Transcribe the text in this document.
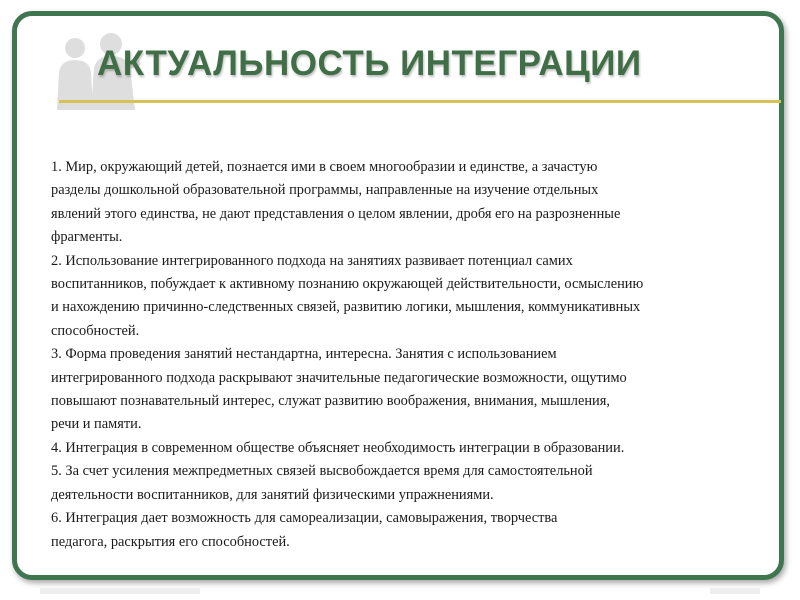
АКТУАЛЬНОСТЬ ИНТЕГРАЦИИ
1. Мир, окружающий детей, познается ими в своем многообразии и единстве, а зачастую
разделы дошкольной образовательной программы, направленные на изучение отдельных
явлений этого единства, не дают представления о целом явлении, дробя его на разрозненные
фрагменты.
2. Использование интегрированного подхода на занятиях развивает потенциал самих
воспитанников, побуждает к активному познанию окружающей действительности, осмыслению
и нахождению причинно-следственных связей, развитию логики, мышления, коммуникативных
способностей.
3. Форма проведения занятий нестандартна, интересна. Занятия с использованием
интегрированного подхода раскрывают значительные педагогические возможности, ощутимо
повышают познавательный интерес, служат развитию воображения, внимания, мышления,
речи и памяти.
4. Интеграция в современном обществе объясняет необходимость интеграции в образовании.
5. За счет усиления межпредметных связей высвобождается время для самостоятельной
деятельности воспитанников, для занятий физическими упражнениями.
6. Интеграция дает возможность для самореализации, самовыражения, творчества
педагога, раскрытия его способностей.
